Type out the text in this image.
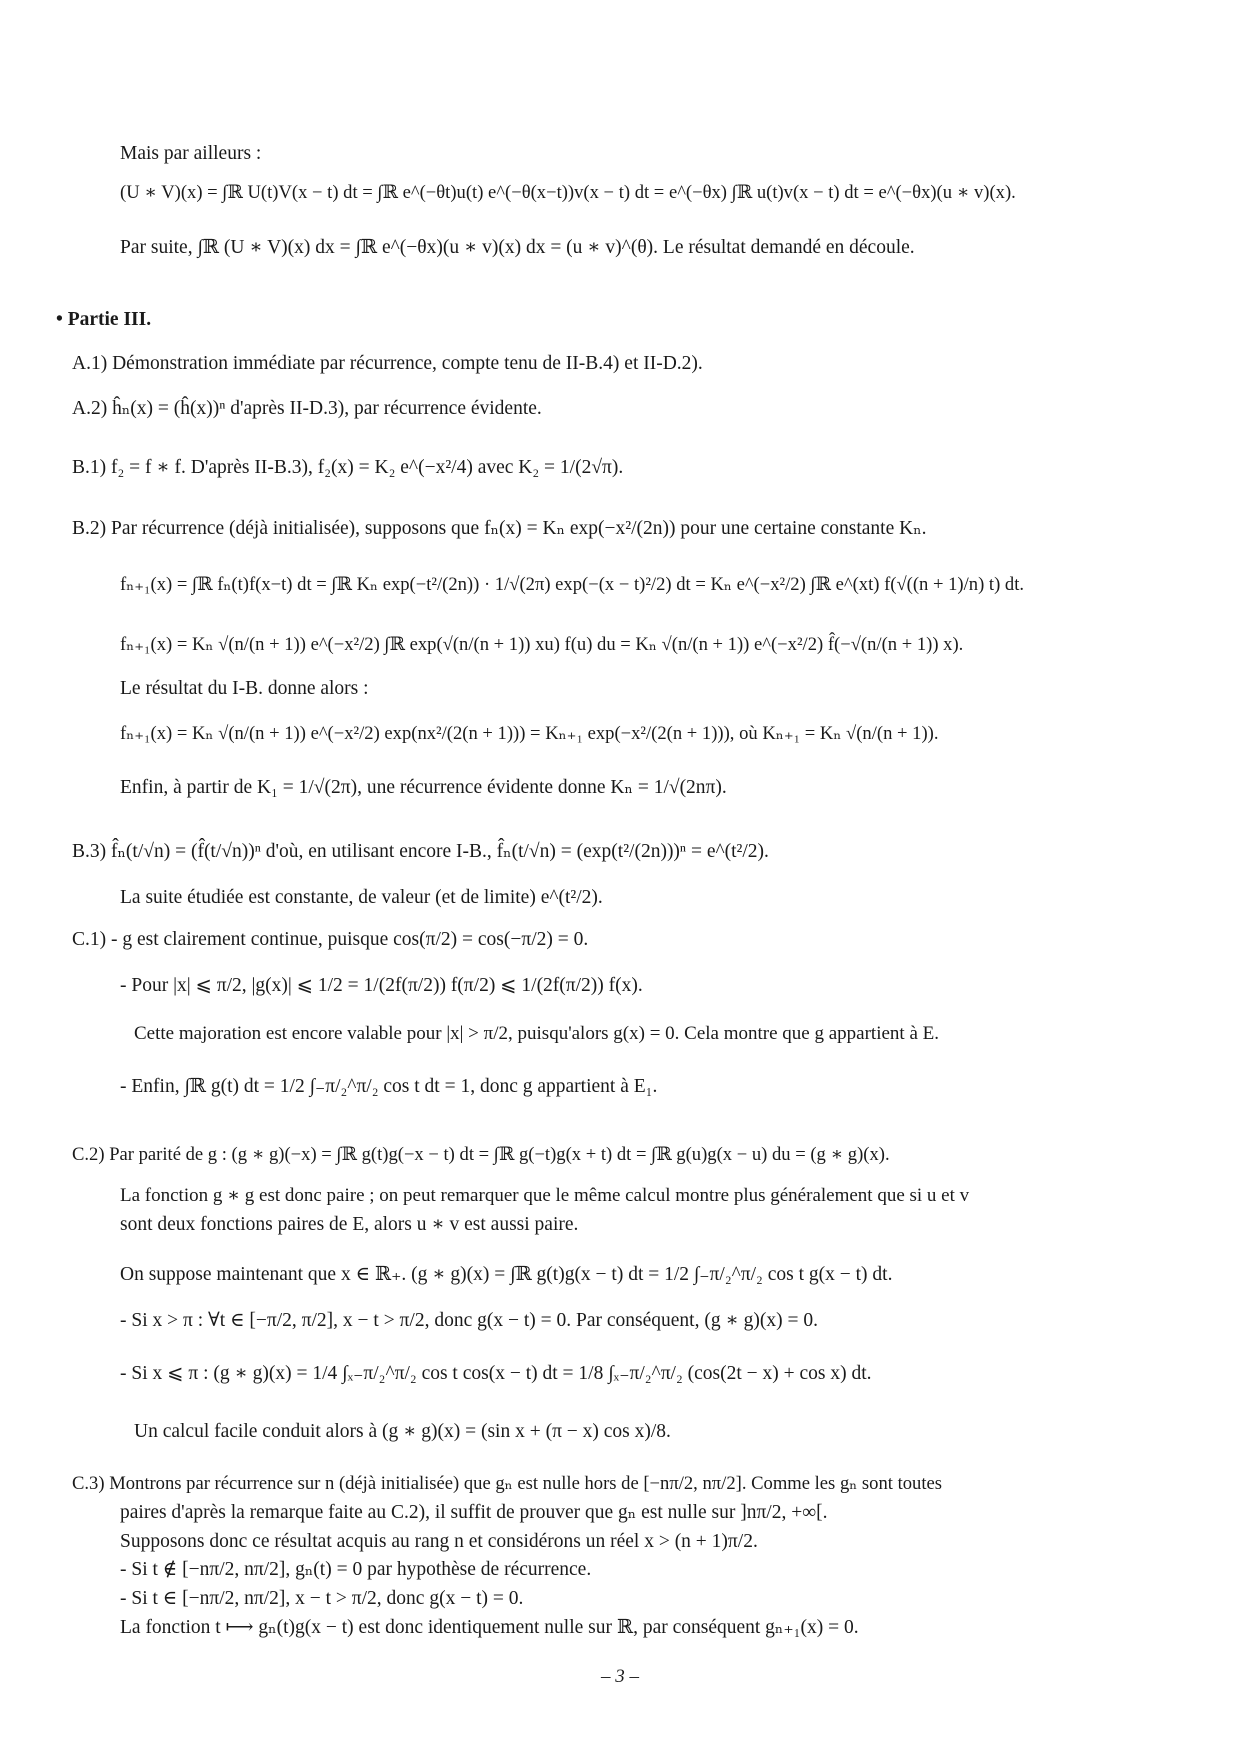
Mais par ailleurs :
(U ∗ V)(x) = ∫ℝ U(t)V(x − t) dt = ∫ℝ e^(−θt)u(t) e^(−θ(x−t))v(x − t) dt = e^(−θx) ∫ℝ u(t)v(x − t) dt = e^(−θx)(u ∗ v)(x).
Par suite, ∫ℝ (U ∗ V)(x) dx = ∫ℝ e^(−θx)(u ∗ v)(x) dx = (u ∗ v)^(θ). Le résultat demandé en découle.
• Partie III.
A.1) Démonstration immédiate par récurrence, compte tenu de II-B.4) et II-D.2).
A.2) ĥₙ(x) = (ĥ(x))ⁿ d'après II-D.3), par récurrence évidente.
B.1) f₂ = f ∗ f. D'après II-B.3), f₂(x) = K₂ e^(−x²/4) avec K₂ = 1/(2√π).
B.2) Par récurrence (déjà initialisée), supposons que fₙ(x) = Kₙ exp(−x²/(2n)) pour une certaine constante Kₙ.
fₙ₊₁(x) = ∫ℝ fₙ(t)f(x−t) dt = ∫ℝ Kₙ exp(−t²/(2n)) · 1/√(2π) exp(−(x − t)²/2) dt = Kₙ e^(−x²/2) ∫ℝ e^(xt) f(√((n + 1)/n) t) dt.
fₙ₊₁(x) = Kₙ √(n/(n + 1)) e^(−x²/2) ∫ℝ exp(√(n/(n + 1)) xu) f(u) du = Kₙ √(n/(n + 1)) e^(−x²/2) f̂(−√(n/(n + 1)) x).
Le résultat du I-B. donne alors :
fₙ₊₁(x) = Kₙ √(n/(n + 1)) e^(−x²/2) exp(nx²/(2(n + 1))) = Kₙ₊₁ exp(−x²/(2(n + 1))), où Kₙ₊₁ = Kₙ √(n/(n + 1)).
Enfin, à partir de K₁ = 1/√(2π), une récurrence évidente donne Kₙ = 1/√(2nπ).
B.3) f̂ₙ(t/√n) = (f̂(t/√n))ⁿ d'où, en utilisant encore I-B., f̂ₙ(t/√n) = (exp(t²/(2n)))ⁿ = e^(t²/2).
La suite étudiée est constante, de valeur (et de limite) e^(t²/2).
C.1) - g est clairement continue, puisque cos(π/2) = cos(−π/2) = 0.
- Pour |x| ⩽ π/2, |g(x)| ⩽ 1/2 = 1/(2f(π/2)) f(π/2) ⩽ 1/(2f(π/2)) f(x).
Cette majoration est encore valable pour |x| > π/2, puisqu'alors g(x) = 0. Cela montre que g appartient à E.
- Enfin, ∫ℝ g(t) dt = 1/2 ∫₋π/₂^π/₂ cos t dt = 1, donc g appartient à E₁.
C.2) Par parité de g : (g ∗ g)(−x) = ∫ℝ g(t)g(−x − t) dt = ∫ℝ g(−t)g(x + t) dt = ∫ℝ g(u)g(x − u) du = (g ∗ g)(x).
La fonction g ∗ g est donc paire ; on peut remarquer que le même calcul montre plus généralement que si u et v
sont deux fonctions paires de E, alors u ∗ v est aussi paire.
On suppose maintenant que x ∈ ℝ₊. (g ∗ g)(x) = ∫ℝ g(t)g(x − t) dt = 1/2 ∫₋π/₂^π/₂ cos t g(x − t) dt.
- Si x > π : ∀t ∈ [−π/2, π/2], x − t > π/2, donc g(x − t) = 0. Par conséquent, (g ∗ g)(x) = 0.
- Si x ⩽ π : (g ∗ g)(x) = 1/4 ∫ₓ₋π/₂^π/₂ cos t cos(x − t) dt = 1/8 ∫ₓ₋π/₂^π/₂ (cos(2t − x) + cos x) dt.
Un calcul facile conduit alors à (g ∗ g)(x) = (sin x + (π − x) cos x)/8.
C.3) Montrons par récurrence sur n (déjà initialisée) que gₙ est nulle hors de [−nπ/2, nπ/2]. Comme les gₙ sont toutes
paires d'après la remarque faite au C.2), il suffit de prouver que gₙ est nulle sur ]nπ/2, +∞[.
Supposons donc ce résultat acquis au rang n et considérons un réel x > (n + 1)π/2.
- Si t ∉ [−nπ/2, nπ/2], gₙ(t) = 0 par hypothèse de récurrence.
- Si t ∈ [−nπ/2, nπ/2], x − t > π/2, donc g(x − t) = 0.
La fonction t ⟼ gₙ(t)g(x − t) est donc identiquement nulle sur ℝ, par conséquent gₙ₊₁(x) = 0.
– 3 –
